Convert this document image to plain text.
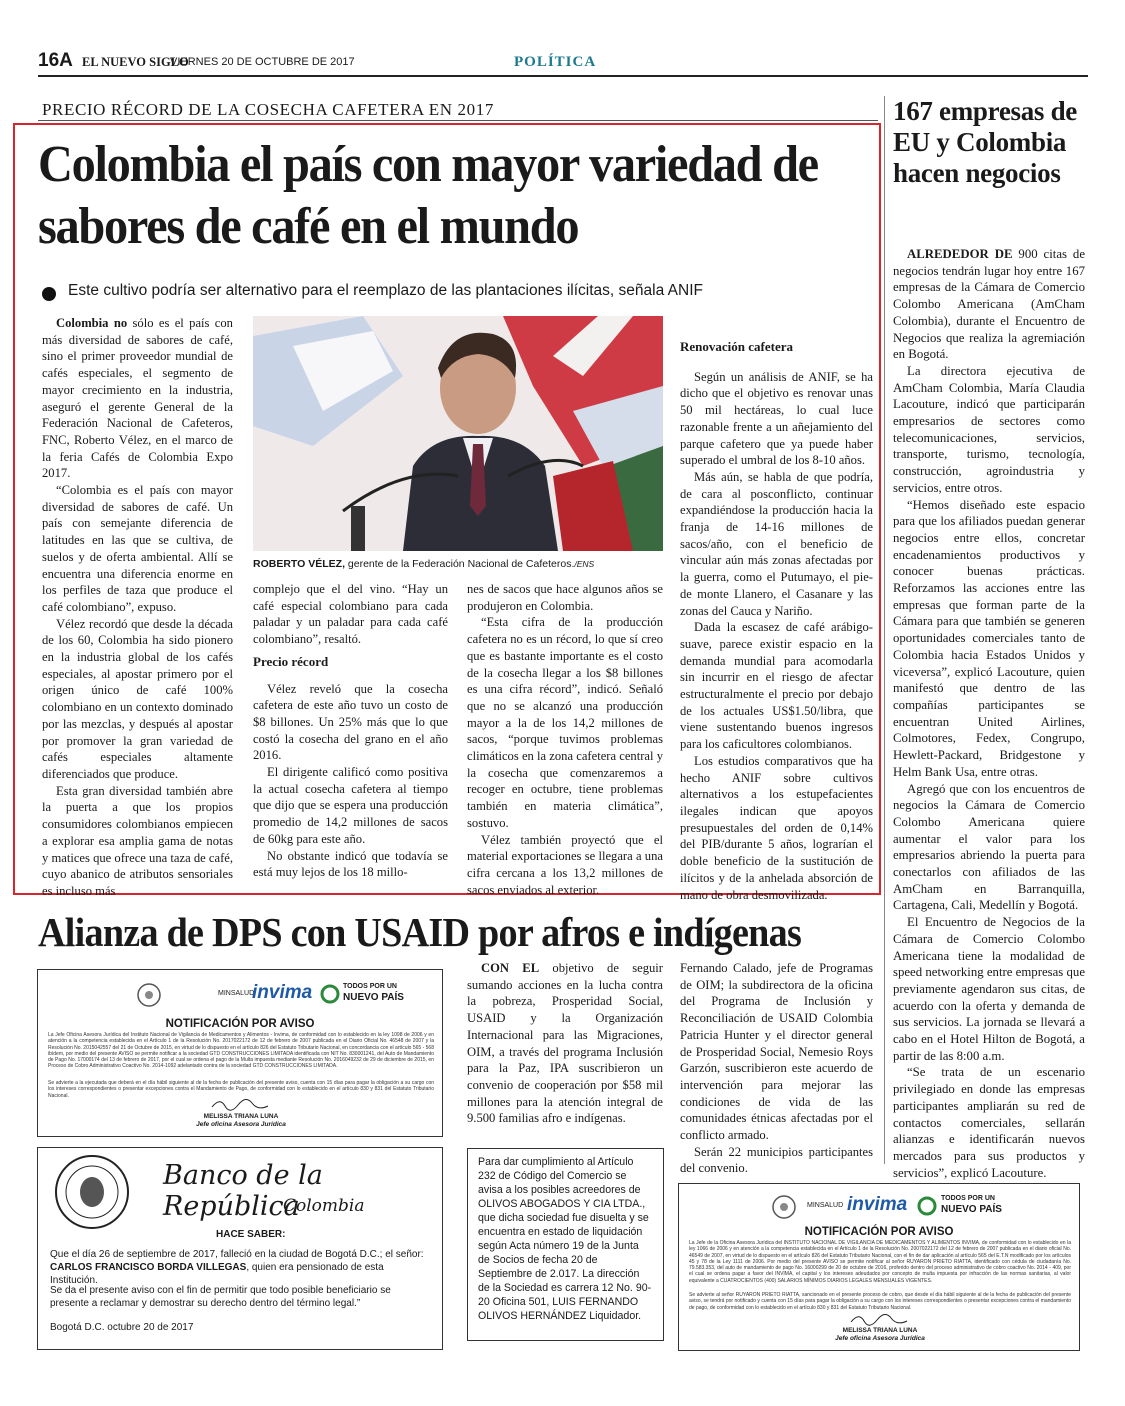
16A EL NUEVO SIGLO
VIERNES 20 DE OCTUBRE DE 2017	POLÍTICA
PRECIO RÉCORD DE LA COSECHA CAFETERA EN 2017
Colombia el país con mayor variedad de sabores de café en el mundo
Este cultivo podría ser alternativo para el reemplazo de las plantaciones ilícitas, señala ANIF

Colombia no sólo es el país con más diversidad de sabores de café, sino el primer proveedor mundial de cafés especiales, el segmento de mayor crecimiento en la industria, aseguró el gerente General de la Federación Nacional de Cafeteros, FNC, Roberto Vélez, en el marco de la feria Cafés de Colombia Expo 2017.

“Colombia es el país con mayor diversidad de sabores de café. Un país con semejante diferencia de latitudes en las que se cultiva, de suelos y de oferta ambiental. Allí se encuentra una diferencia enorme en los perfiles de taza que produce el café colombiano”, expuso.

Vélez recordó que desde la década de los 60, Colombia ha sido pionero en la industria global de los cafés especiales, al apostar primero por el origen único de café 100% colombiano en un contexto dominado por las mezclas, y después al apostar por promover la gran variedad de cafés especiales altamente diferenciados que produce.

Esta gran diversidad también abre la puerta a que los propios consumidores colombianos empiecen a explorar esa amplia gama de notas y matices que ofrece una taza de café, cuyo abanico de atributos sensoriales es incluso más

ROBERTO VÉLEZ, gerente de la Federación Nacional de Cafeteros./ENS

complejo que el del vino. “Hay un café especial colombiano para cada paladar y un paladar para cada café colombiano”, resaltó.

Precio récord

Vélez reveló que la cosecha cafetera de este año tuvo un costo de $8 billones. Un 25% más que lo que costó la cosecha del grano en el año 2016.

El dirigente calificó como positiva la actual cosecha cafetera al tiempo que dijo que se espera una producción promedio de 14,2 millones de sacos de 60kg para este año.

No obstante indicó que todavía se está muy lejos de los 18 millo-

nes de sacos que hace algunos años se produjeron en Colombia.

“Esta cifra de la producción cafetera no es un récord, lo que sí creo que es bastante importante es el costo de la cosecha llegar a los $8 billones es una cifra récord”, indicó. Señaló que no se alcanzó una producción mayor a la de los 14,2 millones de sacos, “porque tuvimos problemas climáticos en la zona cafetera central y la cosecha que comenzaremos a recoger en octubre, tiene problemas también en materia climática”, sostuvo.

Vélez también proyectó que el material exportaciones se llegara a una cifra cercana a los 13,2 millones de sacos enviados al exterior.

Renovación cafetera

Según un análisis de ANIF, se ha dicho que el objetivo es renovar unas 50 mil hectáreas, lo cual luce razonable frente a un añejamiento del parque cafetero que ya puede haber superado el umbral de los 8-10 años.

Más aún, se habla de que podría, de cara al posconflicto, continuar expandiéndose la producción hacia la franja de 14-16 millones de sacos/año, con el beneficio de vincular aún más zonas afectadas por la guerra, como el Putumayo, el pie-de monte Llanero, el Casanare y las zonas del Cauca y Nariño.

Dada la escasez de café arábigo-suave, parece existir espacio en la demanda mundial para acomodarla sin incurrir en el riesgo de afectar estructuralmente el precio por debajo de los actuales US$1.50/libra, que viene sustentando buenos ingresos para los caficultores colombianos.

Los estudios comparativos que ha hecho ANIF sobre cultivos alternativos a los estupefacientes ilegales indican que apoyos presupuestales del orden de 0,14% del PIB/durante 5 años, lograrían el doble beneficio de la sustitución de ilícitos y de la anhelada absorción de mano de obra desmovilizada.

167 empresas de EU y Colombia hacen negocios

ALREDEDOR DE 900 citas de negocios tendrán lugar hoy entre 167 empresas de la Cámara de Comercio Colombo Americana (AmCham Colombia), durante el Encuentro de Negocios que realiza la agremiación en Bogotá.

La directora ejecutiva de AmCham Colombia, María Claudia Lacouture, indicó que participarán empresarios de sectores como telecomunicaciones, servicios, transporte, turismo, tecnología, construcción, agroindustria y servicios, entre otros.

“Hemos diseñado este espacio para que los afiliados puedan generar negocios entre ellos, concretar encadenamientos productivos y conocer buenas prácticas. Reforzamos las acciones entre las empresas que forman parte de la Cámara para que también se generen oportunidades comerciales tanto de Colombia hacia Estados Unidos y viceversa”, explicó Lacouture, quien manifestó que dentro de las compañías participantes se encuentran United Airlines, Colmotores, Fedex, Congrupo, Hewlett-Packard, Bridgestone y Helm Bank Usa, entre otras.

Agregó que con los encuentros de negocios la Cámara de Comercio Colombo Americana quiere aumentar el valor para los empresarios abriendo la puerta para conectarlos con afiliados de las AmCham en Barranquilla, Cartagena, Cali, Medellín y Bogotá.

El Encuentro de Negocios de la Cámara de Comercio Colombo Americana tiene la modalidad de speed networking entre empresas que previamente agendaron sus citas, de acuerdo con la oferta y demanda de sus servicios. La jornada se llevará a cabo en el Hotel Hilton de Bogotá, a partir de las 8:00 a.m.

“Se trata de un escenario privilegiado en donde las empresas participantes ampliarán su red de contactos comerciales, sellarán alianzas e identificarán nuevos mercados para sus productos y servicios”, explicó Lacouture.

Alianza de DPS con USAID por afros e indígenas

CON EL objetivo de seguir sumando acciones en la lucha contra la pobreza, Prosperidad Social, USAID y la Organización Internacional para las Migraciones, OIM, a través del programa Inclusión para la Paz, IPA suscribieron un convenio de cooperación por $58 mil millones para la atención integral de 9.500 familias afro e indígenas.

Fernando Calado, jefe de Programas de OIM; la subdirectora de la oficina del Programa de Inclusión y Reconciliación de USAID Colombia Patricia Hunter y el director general de Prosperidad Social, Nemesio Roys Garzón, suscribieron este acuerdo de intervención para mejorar las condiciones de vida de las comunidades étnicas afectadas por el conflicto armado.

Serán 22 municipios participantes del convenio.

MINSALUD
invima	TODOS POR UN
NUEVO PAÍS
NOTIFICACIÓN POR AVISO
La Jefe Oficina Asesora Jurídica del Instituto Nacional de Vigilancia de Medicamentos y Alimentos - Invima, de conformidad con lo establecido en la ley 1098 de 2006 y en atención a la competencia establecida en el Artículo 1 de la Resolución No. 2017022172 de 12 de febrero de 2007 publicada en el Diario Oficial No. 46548 de 2007 y la Resolución No. 2015042557 del 21 de Octubre de 2015, en virtud de lo dispuesto en el artículo 826 del Estatuto Tributario Nacional, en concordancia con el artículo 565 - 568 ibídem, por medio del presente AVISO se permite notificar a la sociedad GTD CONSTRUCCIONES LIMITADA identificada con NIT No. 830001241, del Auto de Mandamiento de Pago No. 17000174 del 13 de febrero de 2017, por el cual se ordena el pago de la Multa impuesta mediante Resolución No. 2016049232 de 29 de diciembre de 2015, en Proceso de Cobro Administrativo Coactivo No. 2014-1092 adelantado contra de la sociedad GTD CONSTRUCCIONES LIMITADA.
Se advierte a la ejecutada que deberá en el día hábil siguiente al de la fecha de publicación del presente aviso, cuenta con 15 días para pagar la obligación a su cargo con los intereses correspondientes o presentar excepciones contra el Mandamiento de Pago, de conformidad con lo establecido en el artículo 830 y 831 del Estatuto Tributario Nacional.
MELISSA TRIANA LUNA
Jefe oficina Asesora Jurídica
Banco de la República
Colombia
HACE SABER:
Que el día 26 de septiembre de 2017, falleció en la ciudad de Bogotá D.C.; el señor: CARLOS FRANCISCO BORDA VILLEGAS, quien era pensionado de esta Institución.
Se da el presente aviso con el fin de permitir que todo posible beneficiario se presente a reclamar y demostrar su derecho dentro del término legal.”
Bogotá D.C. octubre 20 de 2017
Para dar cumplimiento al Artículo 232 de Código del Comercio se avisa a los posibles acreedores de OLIVOS ABOGADOS Y CIA LTDA., que dicha sociedad fue disuelta y se encuentra en estado de liquidación según Acta número 19 de la Junta de Socios de fecha 20 de Septiembre de 2.017. La dirección de la Sociedad es carrera 12 No. 90-20 Oficina 501, LUIS FERNANDO OLIVOS HERNÁNDEZ Liquidador.
MINSALUD invima	TODOS POR UN
NUEVO PAÍS
NOTIFICACIÓN POR AVISO
La Jefe de la Oficina Asesora Jurídica del INSTITUTO NACIONAL DE VIGILANCIA DE MEDICAMENTOS Y ALIMENTOS INVIMA, de conformidad con lo establecido en la ley 1066 de 2006 y en atención a la competencia establecida en el Artículo 1 de la Resolución No. 2007022172 del 12 de febrero de 2007 publicada en el diario oficial No. 46549 de 2007, en virtud de lo dispuesto en el artículo 826 del Estatuto Tributario Nacional, con el fin de dar aplicación al artículo 565 del E.T.N modificado por los artículos 45 y 78 de la Ley 1111 de 2006. Por medio del presente AVISO se permite notificar al señor RUYARON PRIETO RIATTA, identificado con cédula de ciudadanía No. 79.583.353, del auto de mandamiento de pago No. 16000299 de 20 de octubre de 2016, proferido dentro del proceso administrativo de cobro coactivo No. 2014 - 409, por el cual se ordena pagar a favor del INVIMA, el capital y los intereses adeudados por concepto de multa impuesta por infracción de las normas sanitarias, al valor equivalente a CUATROCIENTOS (400) SALARIOS MÍNIMOS DIARIOS LEGALES MENSUALES VIGENTES.
Se advierte al señor RUYARON PRIETO RIATTA, sancionado en el presente proceso de cobro, que desde el día hábil siguiente al de la fecha de publicación del presente aviso, se tendrá por notificado y cuenta con 15 días para pagar la obligación a su cargo con los intereses correspondientes o presentar excepciones contra el mandamiento de pago, de conformidad con lo establecido en el artículo 830 y 831 del Estatuto Tributario Nacional.
MELISSA TRIANA LUNA
Jefe oficina Asesora Jurídica
